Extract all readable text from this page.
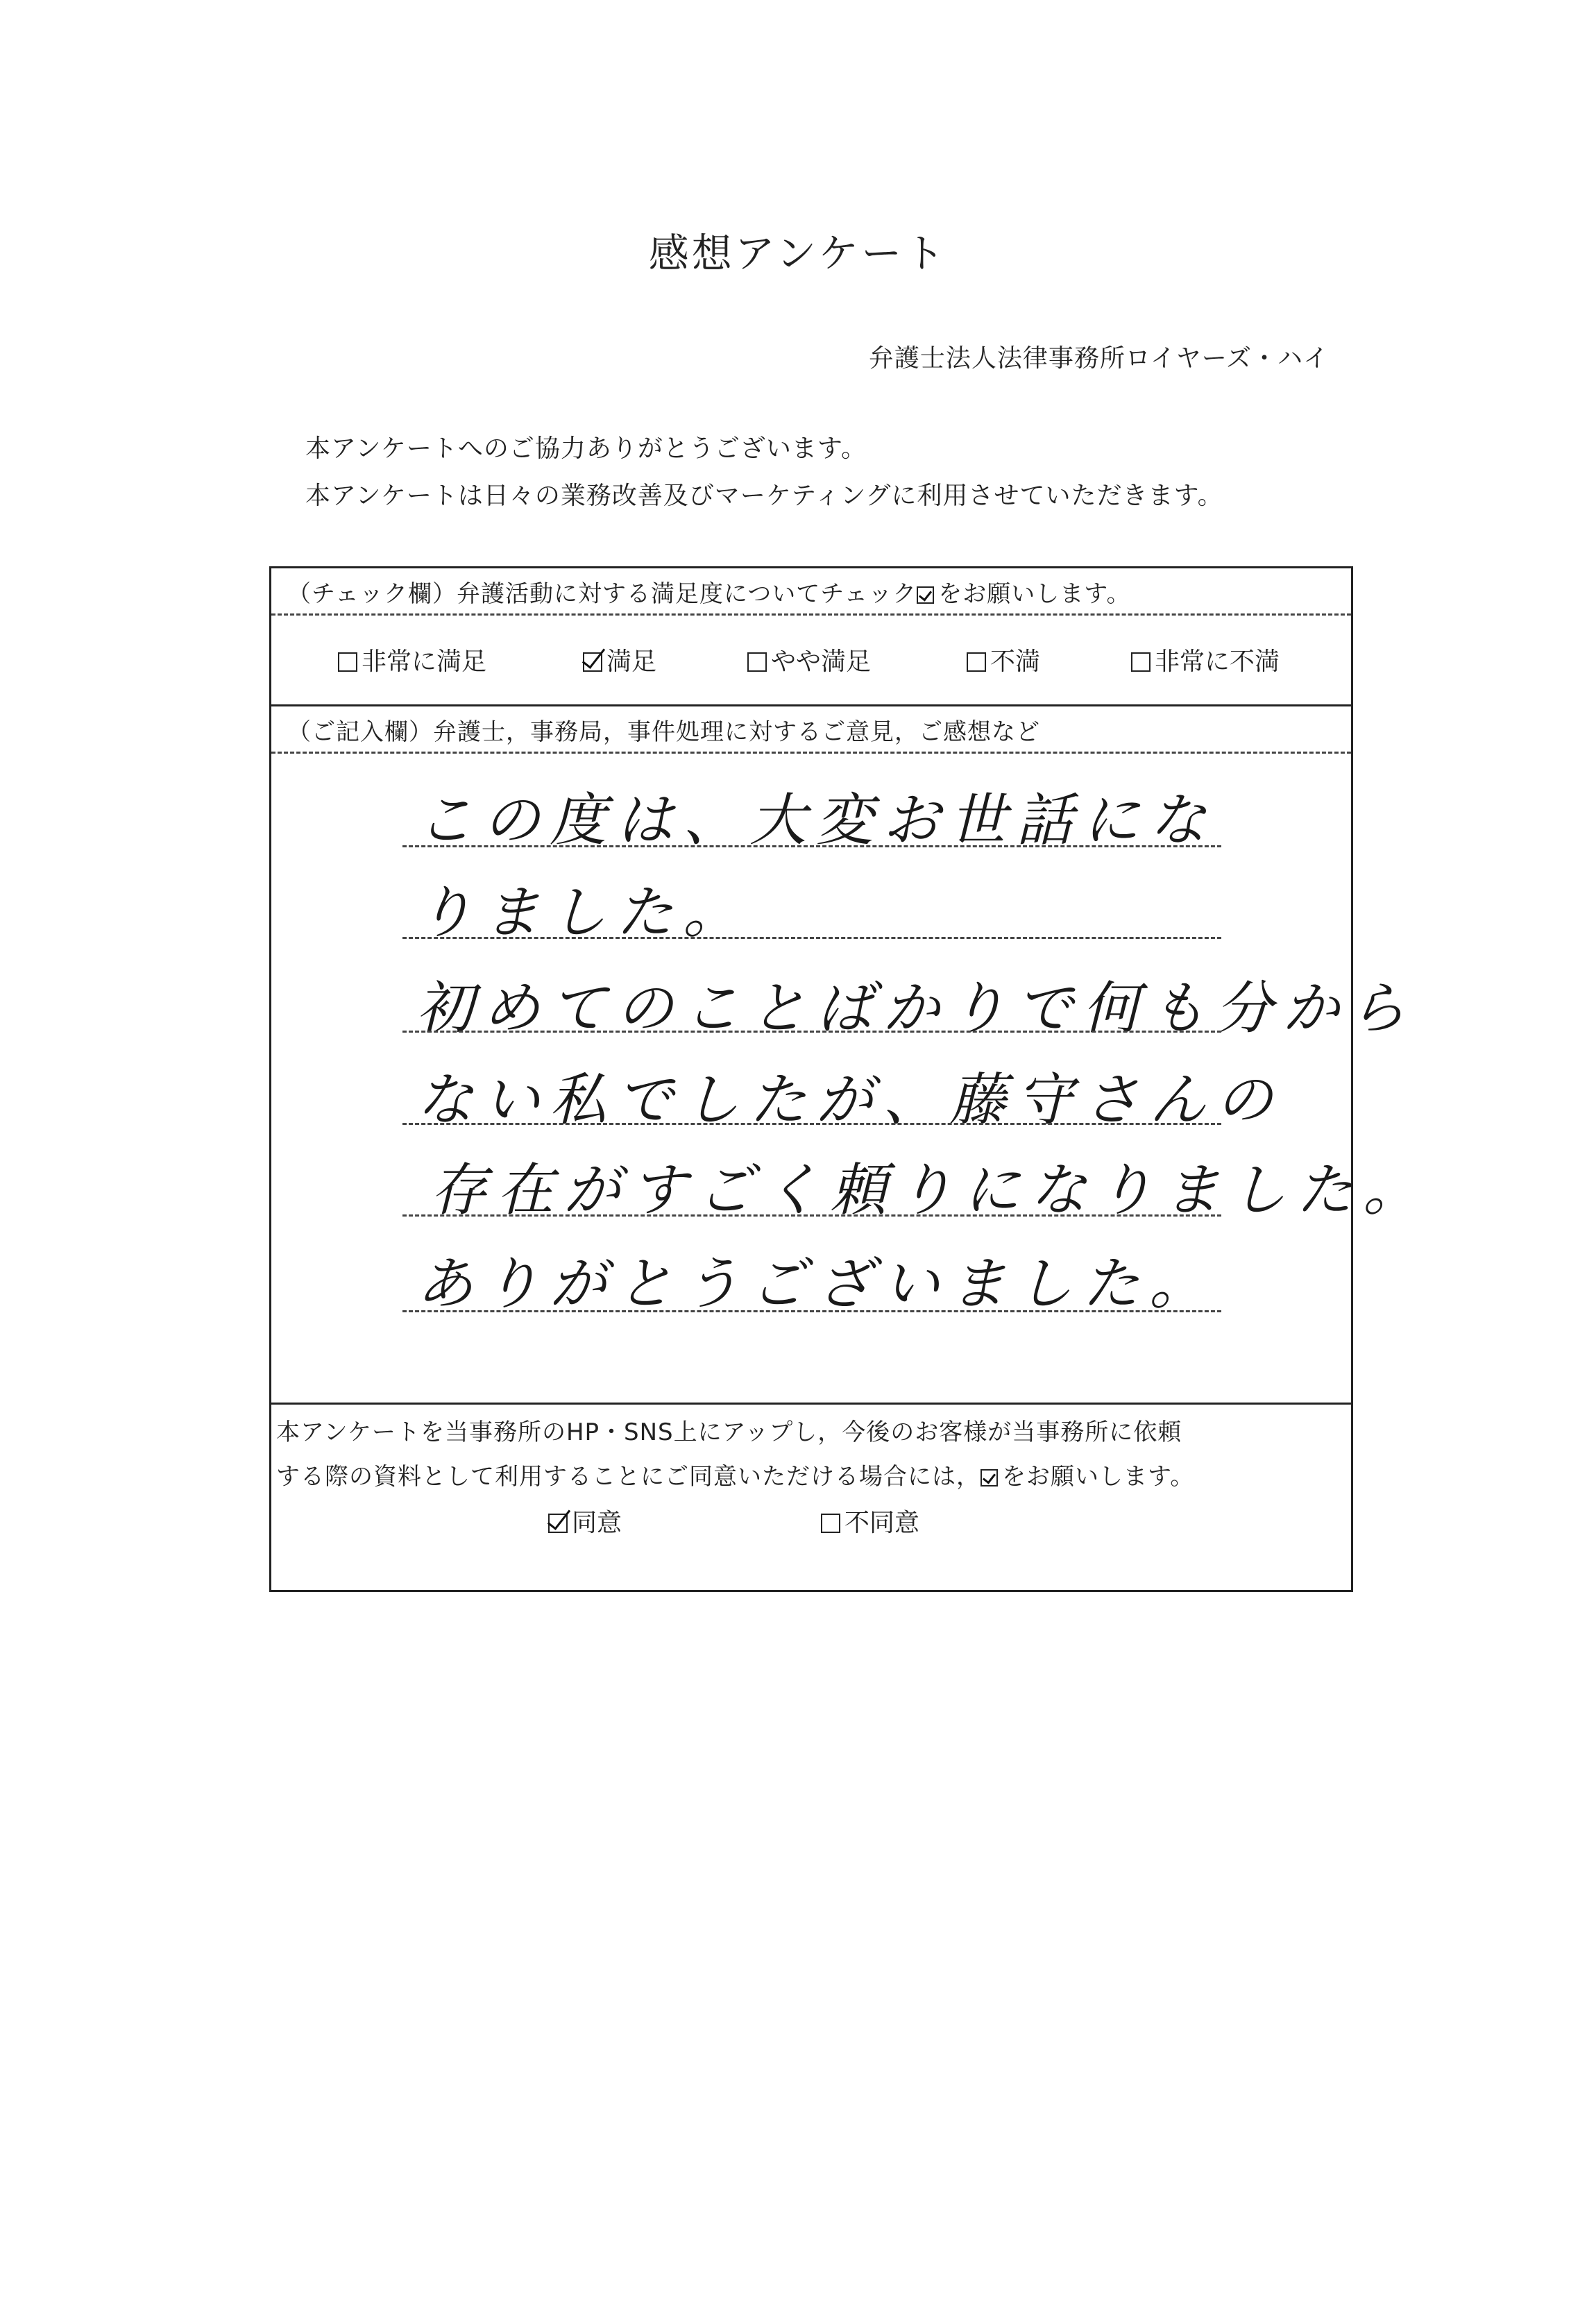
感想アンケート
弁護士法人法律事務所ロイヤーズ・ハイ
本アンケートへのご協力ありがとうございます。
本アンケートは日々の業務改善及びマーケティングに利用させていただきます。
（チェック欄）弁護活動に対する満足度についてチェック をお願いします。
非常に満足	満足	やや満足	不満	非常に不満
（ご記入欄）弁護士，事務局，事件処理に対するご意見，ご感想など
この度は、大変お世話にな
りました。
初めてのことばかりで何も分から
ない私でしたが、藤守さんの
存在がすごく頼りになりました。
ありがとうございました。
本アンケートを当事務所のHP・SNS上にアップし，今後のお客様が当事務所に依頼
する際の資料として利用することにご同意いただける場合には， をお願いします。
同意	不同意
